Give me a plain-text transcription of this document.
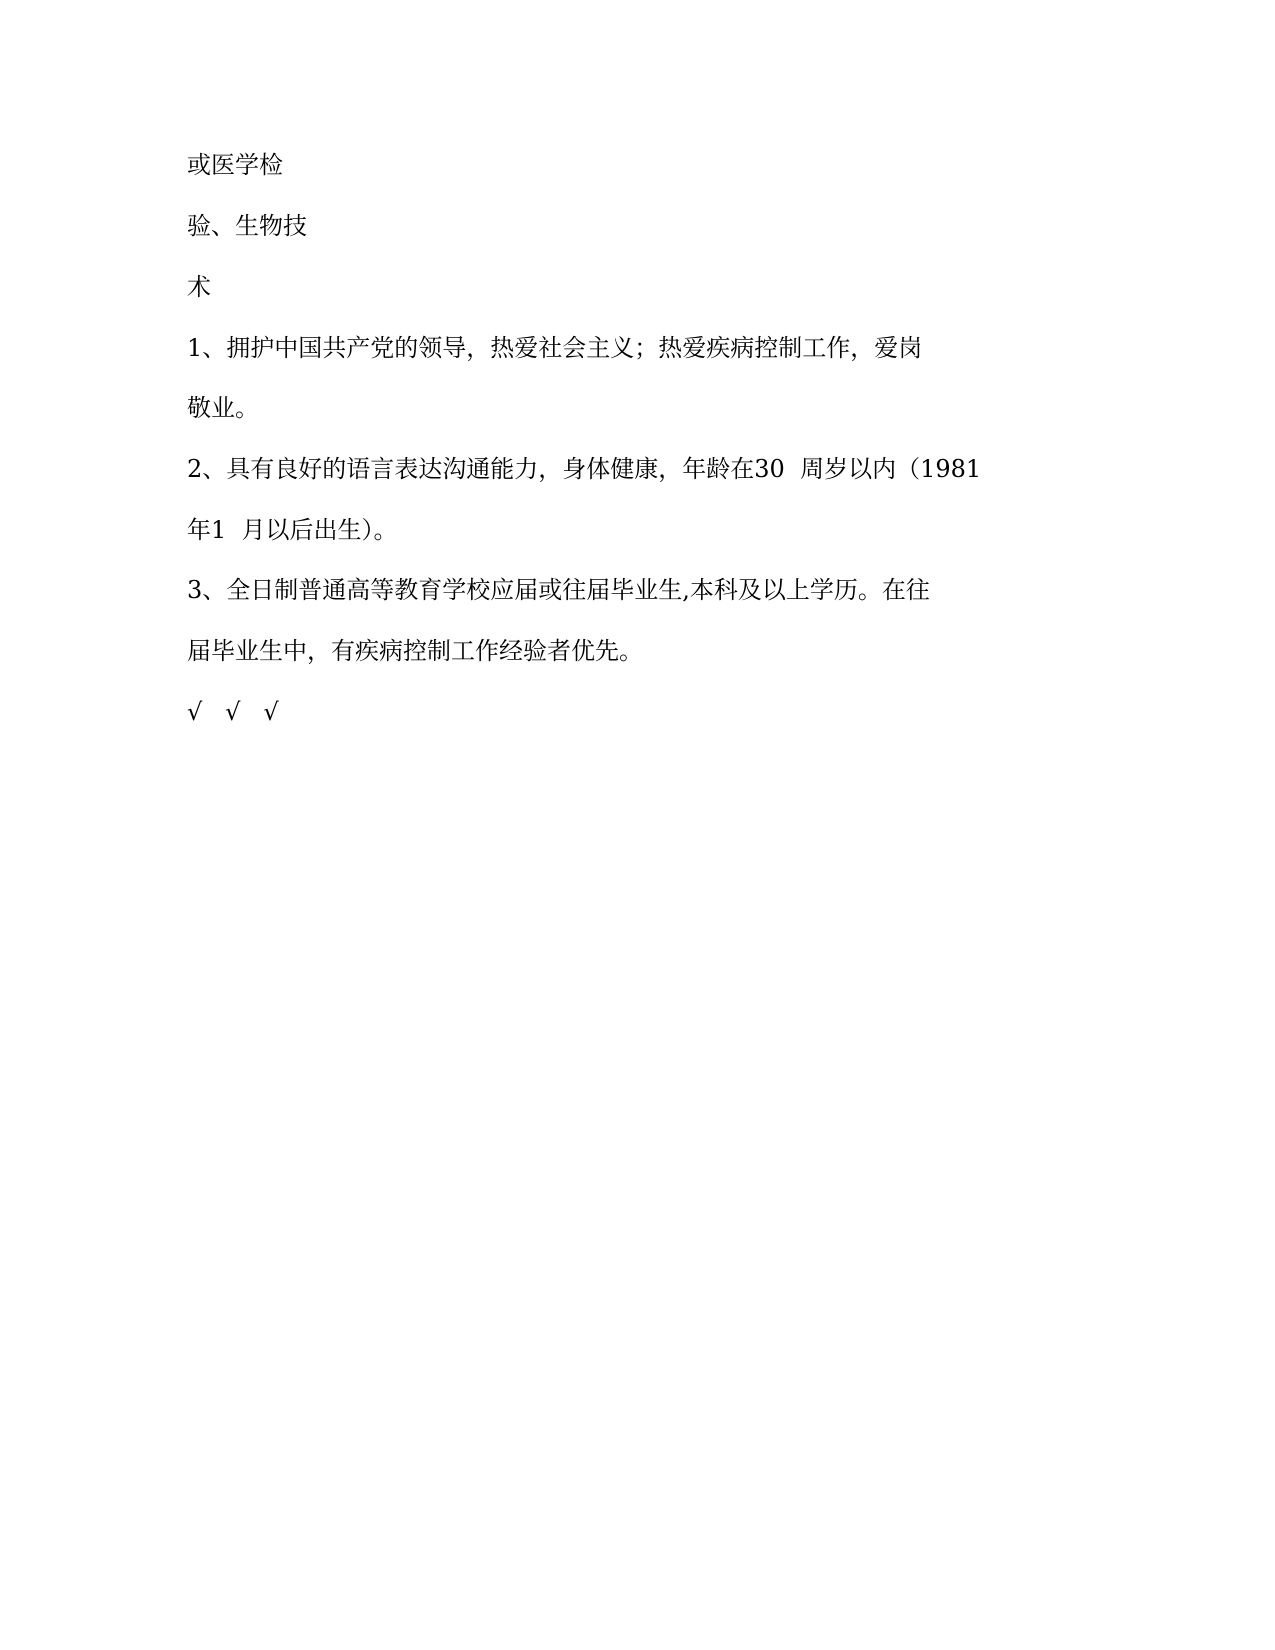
或医学检
验、生物技
术
1、拥护中国共产党的领导，热爱社会主义；热爱疾病控制工作，爱岗
敬业。
2、具有良好的语言表达沟通能力，身体健康，年龄在30  周岁以内（1981
年1  月以后出生）。
3、全日制普通高等教育学校应届或往届毕业生,本科及以上学历。在往
届毕业生中，有疾病控制工作经验者优先。
√   √   √
